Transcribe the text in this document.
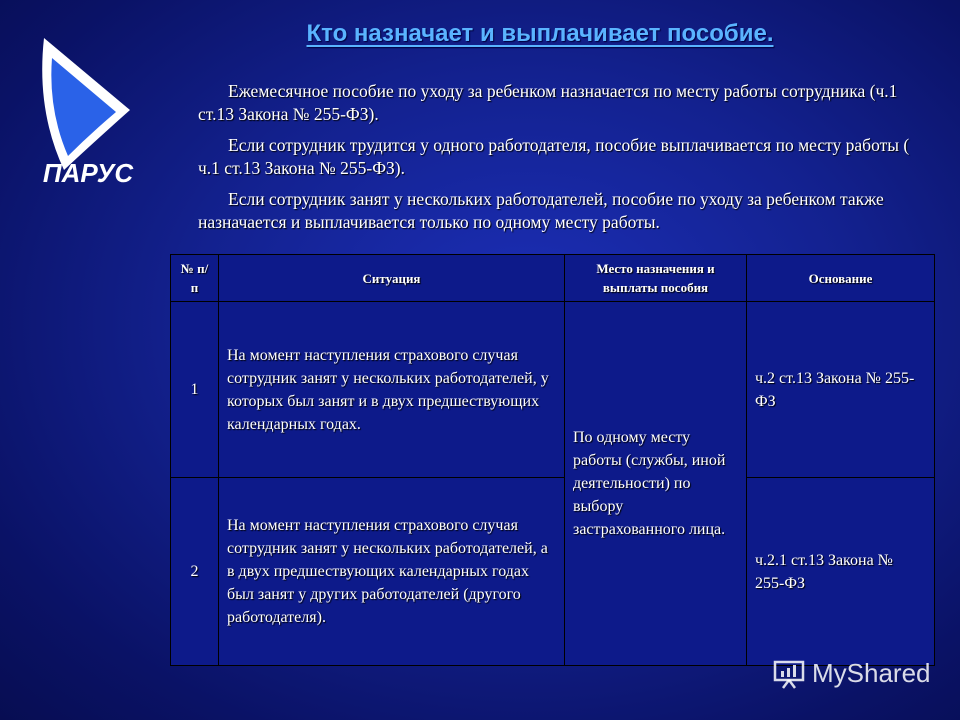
ПАРУС
Кто назначает и выплачивает пособие.

Ежемесячное пособие по уходу за ребенком назначается по месту работы сотрудника (ч.1 ст.13 Закона № 255-ФЗ).

Если сотрудник трудится у одного работодателя, пособие выплачивается по месту работы ( ч.1 ст.13 Закона № 255-ФЗ).

Если сотрудник занят у нескольких работодателей, пособие по уходу за ребенком также назначается и выплачивается только по одному месту работы.

№ п/п	Ситуация	Место назначения и выплаты пособия	Основание
1	На момент наступления страхового случая сотрудник занят у нескольких работодателей, у которых был занят и в двух предшествующих календарных годах.	По одному месту работы (службы, иной деятельности) по выбору застрахованного лица.	ч.2 ст.13 Закона № 255-ФЗ
2	На момент наступления страхового случая сотрудник занят у нескольких работодателей, а в двух предшествующих календарных годах был занят у других работодателей (другого работодателя).		ч.2.1 ст.13 Закона № 255-ФЗ
MyShared
